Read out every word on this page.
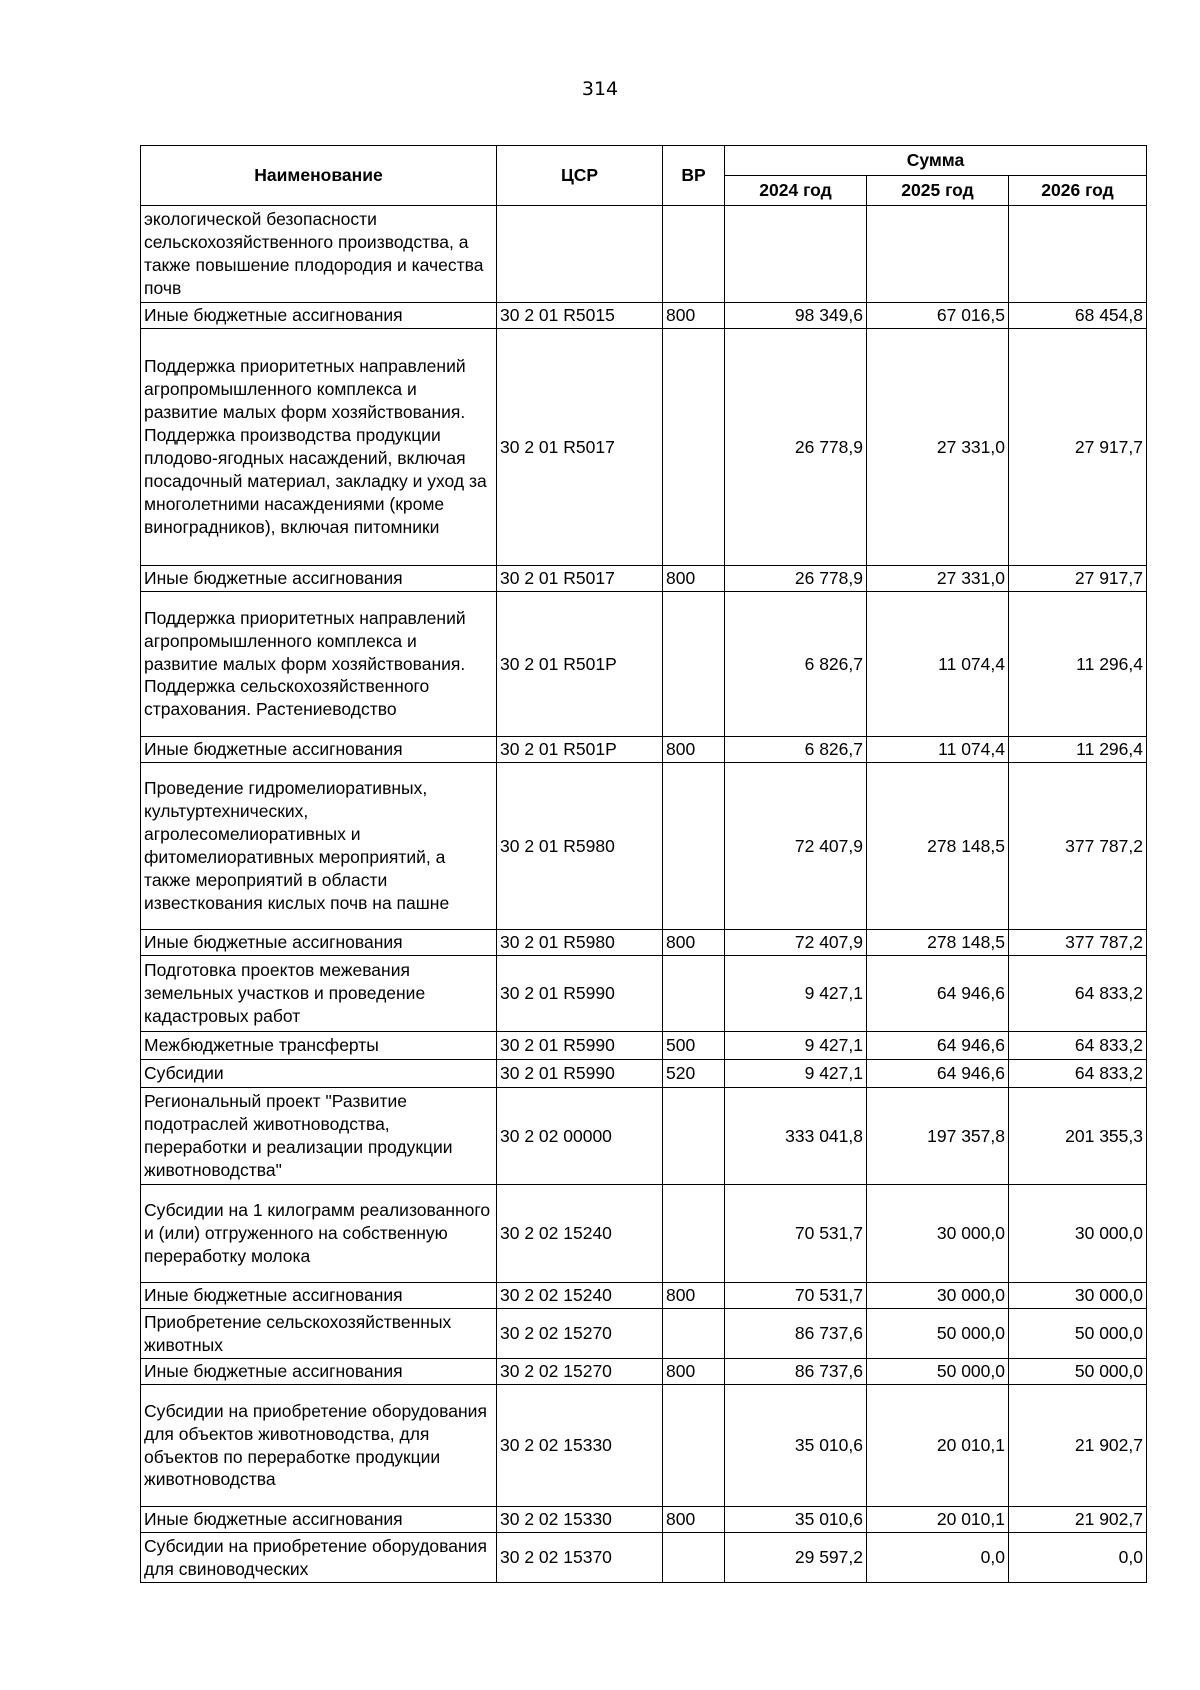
314
Наименование	ЦСР	ВР	Сумма		
			2024 год	2025 год	2026 год
экологической безопасности сельскохозяйственного производства, а также повышение плодородия и качества почв					
Иные бюджетные ассигнования	30 2 01 R5015	800	98 349,6	67 016,5	68 454,8
Поддержка приоритетных направлений агропромышленного комплекса и развитие малых форм хозяйствования. Поддержка производства продукции плодово-ягодных насаждений, включая посадочный материал, закладку и уход за многолетними насаждениями (кроме виноградников), включая питомники	30 2 01 R5017		26 778,9	27 331,0	27 917,7
Иные бюджетные ассигнования	30 2 01 R5017	800	26 778,9	27 331,0	27 917,7
Поддержка приоритетных направлений агропромышленного комплекса и развитие малых форм хозяйствования. Поддержка сельскохозяйственного страхования. Растениеводство	30 2 01 R501P		6 826,7	11 074,4	11 296,4
Иные бюджетные ассигнования	30 2 01 R501P	800	6 826,7	11 074,4	11 296,4
Проведение гидромелиоративных, культуртехнических, агролесомелиоративных и фитомелиоративных мероприятий, а также мероприятий в области известкования кислых почв на пашне	30 2 01 R5980		72 407,9	278 148,5	377 787,2
Иные бюджетные ассигнования	30 2 01 R5980	800	72 407,9	278 148,5	377 787,2
Подготовка проектов межевания земельных участков и проведение кадастровых работ	30 2 01 R5990		9 427,1	64 946,6	64 833,2
Межбюджетные трансферты	30 2 01 R5990	500	9 427,1	64 946,6	64 833,2
Субсидии	30 2 01 R5990	520	9 427,1	64 946,6	64 833,2
Региональный проект "Развитие подотраслей животноводства, переработки и реализации продукции животноводства"	30 2 02 00000		333 041,8	197 357,8	201 355,3
Субсидии на 1 килограмм реализованного и (или) отгруженного на собственную переработку молока	30 2 02 15240		70 531,7	30 000,0	30 000,0
Иные бюджетные ассигнования	30 2 02 15240	800	70 531,7	30 000,0	30 000,0
Приобретение сельскохозяйственных животных	30 2 02 15270		86 737,6	50 000,0	50 000,0
Иные бюджетные ассигнования	30 2 02 15270	800	86 737,6	50 000,0	50 000,0
Субсидии на приобретение оборудования для объектов животноводства, для объектов по переработке продукции животноводства	30 2 02 15330		35 010,6	20 010,1	21 902,7
Иные бюджетные ассигнования	30 2 02 15330	800	35 010,6	20 010,1	21 902,7
Субсидии на приобретение оборудования для свиноводческих	30 2 02 15370		29 597,2	0,0	0,0
